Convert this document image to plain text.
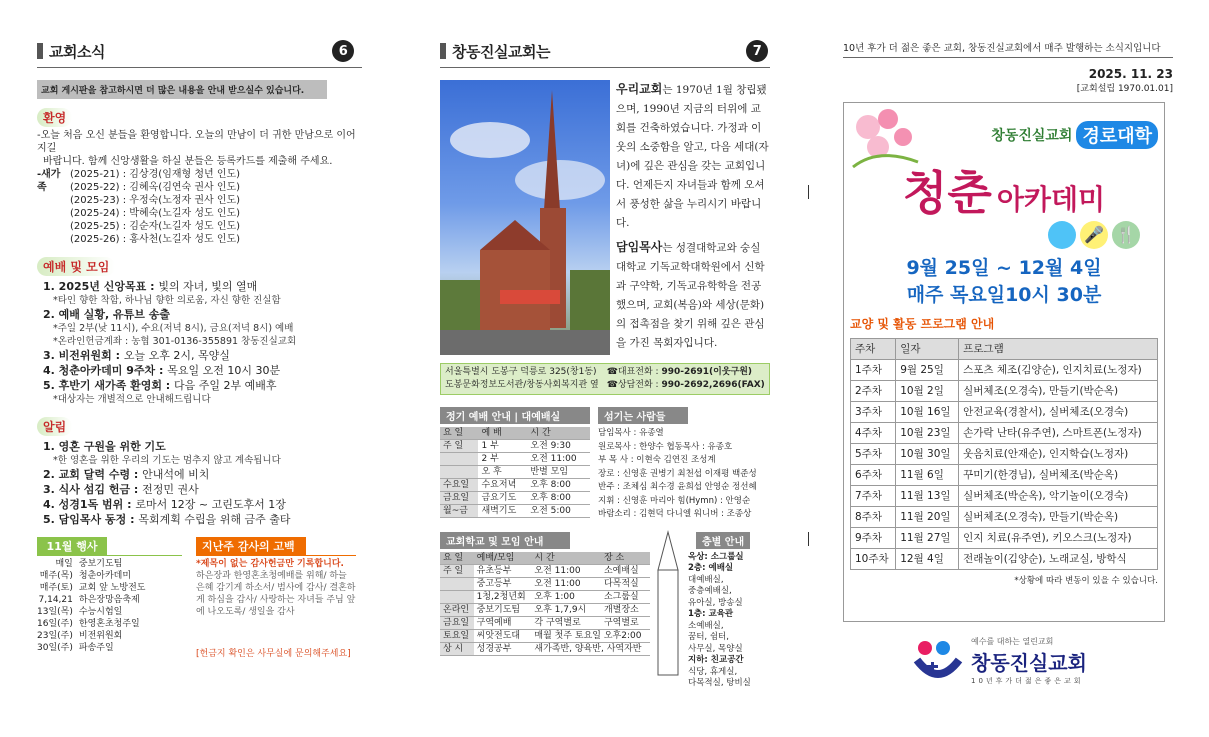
교회소식	6
교회 게시판을 참고하시면 더 많은 내용을 안내 받으실수 있습니다.
환영
-오늘 처음 오신 분들을 환영합니다. 오늘의 만남이 더 귀한 만남으로 이어지길
바랍니다. 함께 신앙생활을 하실 분들은 등록카드를 제출해 주세요.
-새가족
(2025-21) : 김상경(임재형 청년 인도)
(2025-22) : 김혜옥(김연숙 권사 인도)
(2025-23) : 우정숙(노정자 권사 인도)
(2025-24) : 박혜숙(노길자 성도 인도)
(2025-25) : 김순자(노길자 성도 인도)
(2025-26) : 홍사천(노길자 성도 인도)
예배 및 모임
1. 2025년 신앙목표 : 빛의 자녀, 빛의 열매
*타인 향한 착함, 하나님 향한 의로움, 자신 향한 진실함
2. 예배 실황, 유튜브 송출
*주일 2부(낮 11시), 수요(저녁 8시), 금요(저녁 8시) 예배
*온라인헌금계좌 : 농협 301-0136-355891 창동진실교회
3. 비전위원회 : 오늘 오후 2시, 목양실
4. 청춘아카데미 9주차 : 목요일 오전 10시 30분
5. 후반기 새가족 환영회 : 다음 주일 2부 예배후
*대상자는 개별적으로 안내해드립니다
알림
1. 영혼 구원을 위한 기도
*한 영혼을 위한 우리의 기도는 멈추지 않고 계속됩니다
2. 교회 달력 수령 : 안내석에 비치
3. 식사 섬김 헌금 : 전정민 권사
4. 성경1독 범위 : 로마서 12장 ~ 고린도후서 1장
5. 담임목사 동정 : 목회계획 수립을 위해 금주 출타
11월 행사
매일	중보기도팀
매주(목)	청춘아카데미
매주(토)	교회 앞 노방전도
7,14,21	하은장망음축제
13일(목)	수능시험일
16일(주)	한영혼초청주일
23일(주)	비전위원회
30일(주)	파송주일
지난주 감사의 고백
*제목이 없는 감사헌금만 기록합니다.
하은장과 한영혼초청예배를 위해/ 하늘 은혜 감기게 하소서/ 범사에 감사/ 결혼하게 하심을 감사/ 사랑하는 자녀들 주님 앞에 나오도록/ 생일을 감사
[헌금지 확인은 사무실에 문의해주세요]
창동진실교회는	7
우리교회는 1970년 1월 창립됐으며, 1990년 지금의 터위에 교회를 건축하였습니다. 가정과 이웃의 소중함을 알고, 다음 세대(자녀)에 깊은 관심을 갖는 교회입니다. 언제든지 자녀들과 함께 오셔서 풍성한 삶을 누리시기 바랍니다.
담임목사는 성결대학교와 숭실대학교 기독교학대학원에서 신학과 구약학, 기독교유학학을 전공했으며, 교회(복음)와 세상(문화)의 접촉점을 찾기 위해 깊은 관심을 가진 목회자입니다.
서울특별시 도봉구 덕릉로 325(창1동)
도봉문화정보도서관/창동사회복지관 옆
☎대표전화 : 990-2691(이웃구원)
☎상담전화 : 990-2692,2696(FAX)
정기 예배 안내 | 대예배실
요 일	예 배	시 간
주 일	1 부	오전 9:30
	2 부	오전 11:00
	오 후	반별 모임
수요일	수요저녁	오후 8:00
금요일	금요기도	오후 8:00
월~금	새벽기도	오전 5:00
섬기는 사람들
담임목사 : 유종열
원로목사 : 한양수 협동목사 : 유종호
부 목 사 : 이현숙 김연진 조성계
장로 : 신영훈 권병기 최천섭 이재평 백준성
반주 : 조체심 최수경 윤희섭 안영순 정선혜
지휘 : 신영훈 마리아 힘(Hymn) : 안영순
바람소리 : 김현덕 다니엘 워니버 : 조종상
교회학교 및 모임 안내
요 일	예배/모임	시 간	장 소
주 일	유초등부	오전 11:00	소예배실
	중고등부	오전 11:00	다목적실
	1청,2청년회	오후 1:00	소그룹실
온라인	중보기도팀	오후 1,7,9시	개별장소
금요일	구역예배	각 구역별로	구역별로
토요일	씨앗전도대	매월 첫주 토요일 오후2:00	
상 시	성경공부	새가족반, 양육반, 사역자반	
층별 안내
옥상: 소그룹실
2층: 예배실
대예배실,
중층예배실,
유아실, 방송실
1층: 교육관
소예배실,
꿈터, 쉼터,
사무실, 목양실
지하: 친교공간
식당, 휴게실,
다목적실, 탕비실
10년 후가 더 젊은 좋은 교회, 창동진실교회에서 매주 발행하는 소식지입니다
2025. 11. 23
[교회설립 1970.01.01]
창동진실교회 경로대학
청춘 아카데미
🎤 🍴
9월 25일 ~ 12월 4일
매주 목요일10시 30분
교양 및 활동 프로그램 안내
주차	일자	프로그램
1주차	9월 25일	스포츠 체조(김양순), 인지치료(노정자)
2주차	10월 2일	실버체조(오경숙), 만들기(박순옥)
3주차	10월 16일	안전교육(경찰서), 실버체조(오경숙)
4주차	10월 23일	손가락 난타(유주연), 스마트폰(노정자)
5주차	10월 30일	웃음치료(안재순), 인지학습(노정자)
6주차	11월 6일	꾸미기(한경님), 실버체조(박순옥)
7주차	11월 13일	실버체조(박순옥), 악기놀이(오경숙)
8주차	11월 20일	실버체조(오경숙), 만들기(박순옥)
9주차	11월 27일	인지 치료(유주연), 키오스크(노정자)
10주차	12월 4일	전래놀이(김양순), 노래교실, 방학식
*상황에 따라 변동이 있을 수 있습니다.
예수를 대하는 열린교회
창동진실교회
10년후가더젊은좋은교회
